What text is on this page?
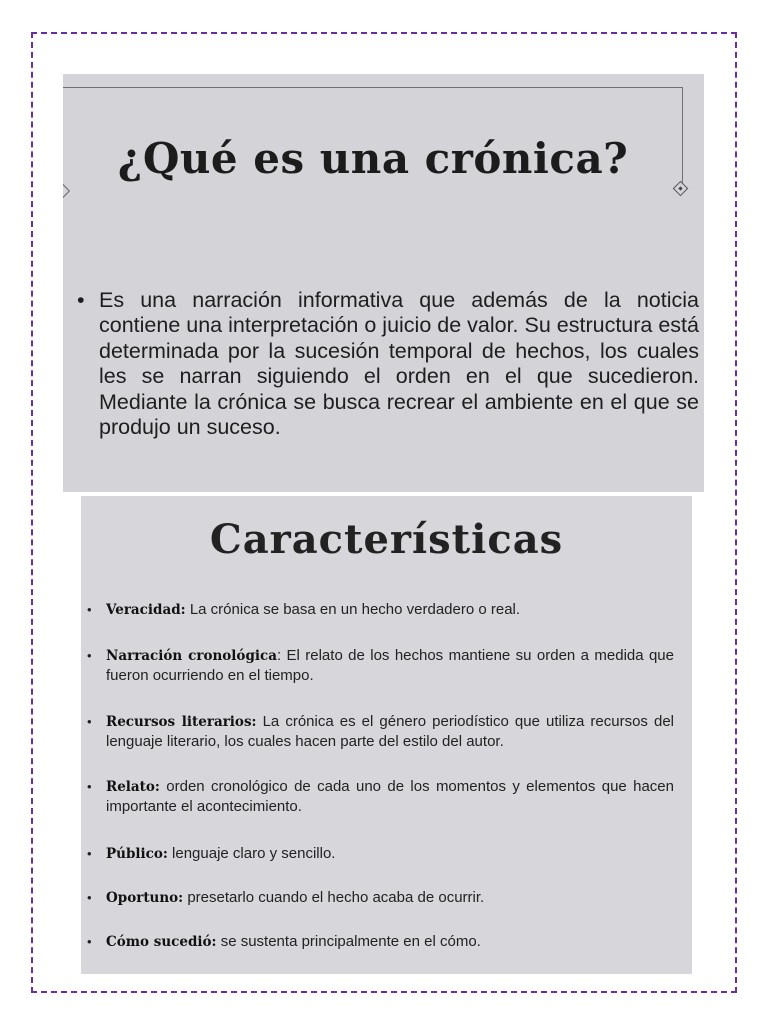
¿Qué es una crónica?

• Es una narración informativa que además de la noticia contiene una interpretación o juicio de valor. Su estructura está determinada por la sucesión temporal de hechos, los cuales les se narran siguiendo el orden en el que sucedieron. Mediante la crónica se busca recrear el ambiente en el que se produjo un suceso.

Características
• Veracidad: La crónica se basa en un hecho verdadero o real.
• Narración cronológica: El relato de los hechos mantiene su orden a medida que fueron ocurriendo en el tiempo.
• Recursos literarios: La crónica es el género periodístico que utiliza recursos del lenguaje literario, los cuales hacen parte del estilo del autor.
• Relato: orden cronológico de cada uno de los momentos y elementos que hacen importante el acontecimiento.
• Público: lenguaje claro y sencillo.
• Oportuno: presetarlo cuando el hecho acaba de ocurrir.
• Cómo sucedió: se sustenta principalmente en el cómo.
